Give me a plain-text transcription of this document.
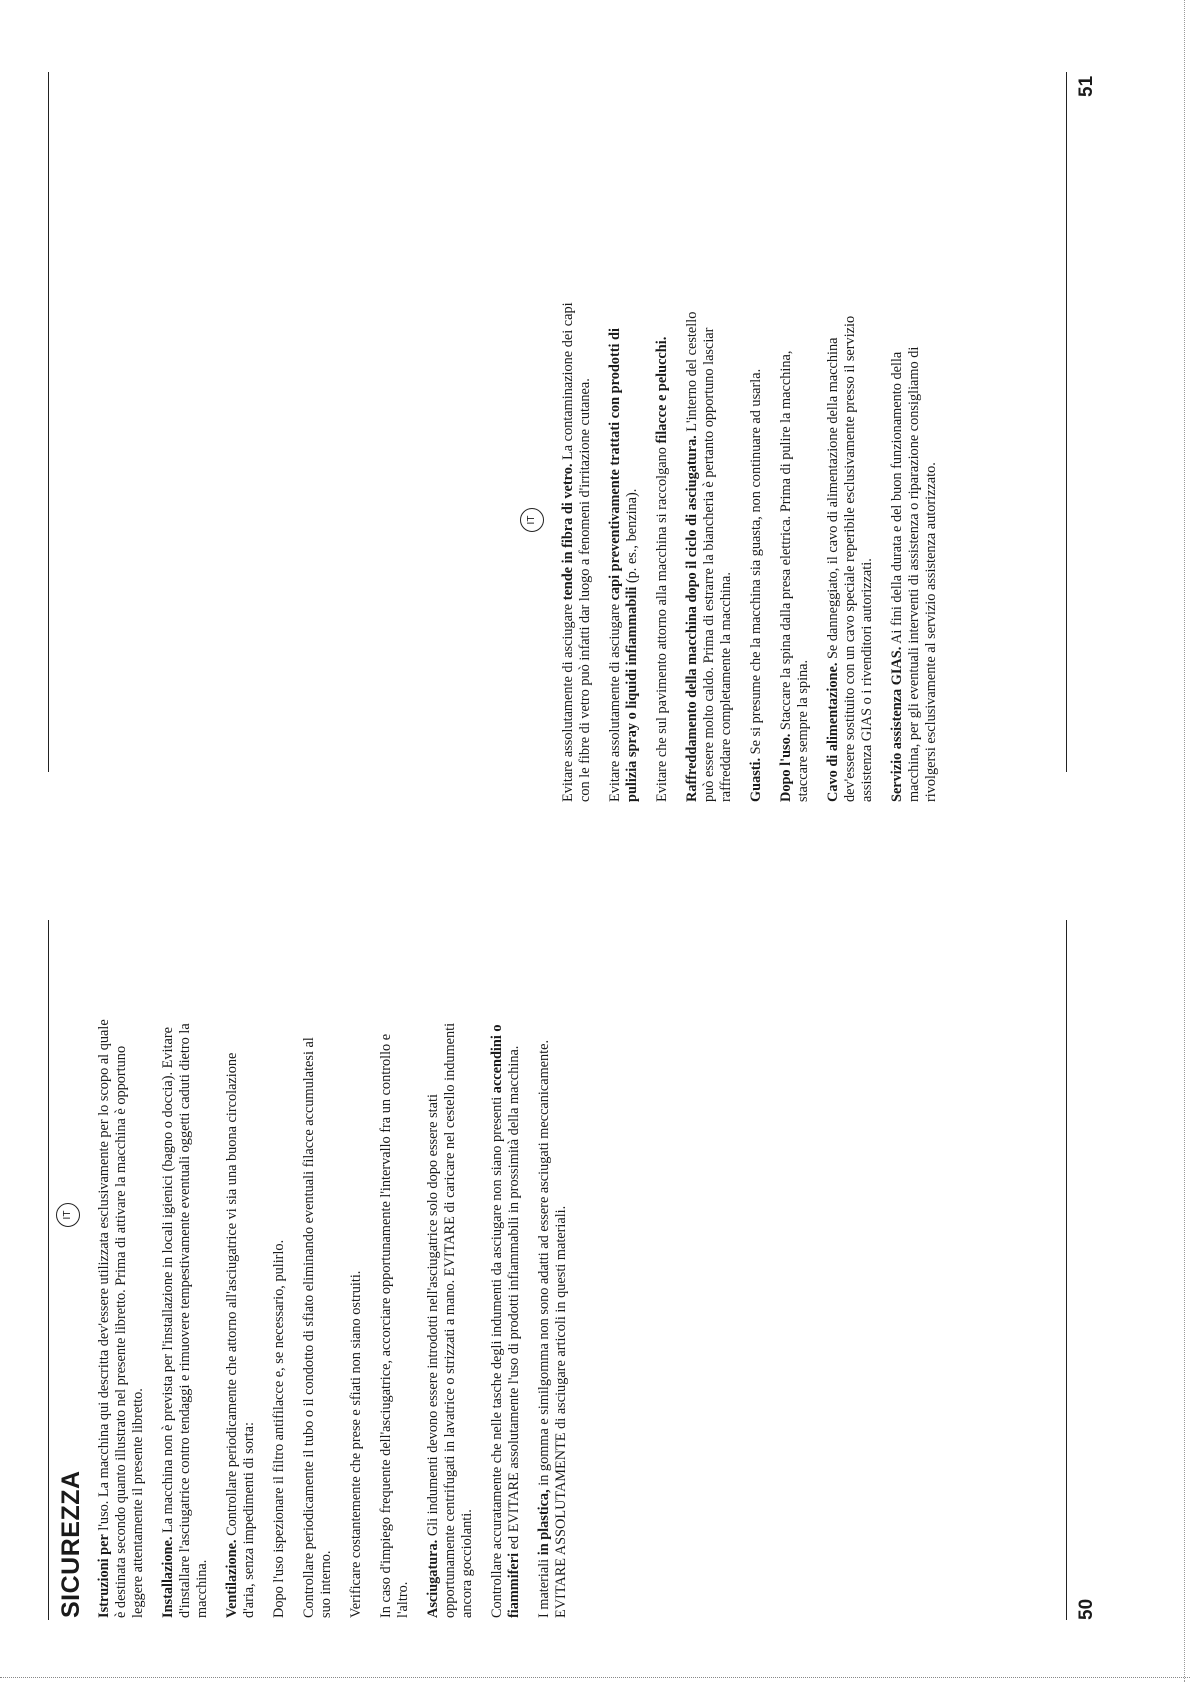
50
IT
SICUREZZA Istruzioni per l'uso. La macchina qui descritta dev'essere utilizzata esclusivamente per lo scopo al quale è destinata secondo quanto illustrato nel presente libretto. Prima di attivare la macchina è opportuno leggere attentamente il presente libretto. Installazione. La macchina non è prevista per l'installazione in locali igienici (bagno o doccia). Evitare d'installare l'asciugatrice contro tendaggi e rimuovere tempestivamente eventuali oggetti caduti dietro la macchina. Ventilazione. Controllare periodicamente che attorno all'asciugatrice vi sia una buona circolazione d'aria, senza impedimenti di sorta: Dopo l'uso ispezionare il filtro antifilacce e, se necessario, pulirlo. Controllare periodicamente il tubo o il condotto di sfiato eliminando eventuali filacce accumulatesi al suo interno. Verificare costantemente che prese e sfiati non siano ostruiti. In caso d'impiego frequente dell'asciugatrice, accorciare opportunamente l'intervallo fra un controllo e l'altro. Asciugatura. Gli indumenti devono essere introdotti nell'asciugatrice solo dopo essere stati opportunamente centrifugati in lavatrice o strizzati a mano. EVITARE di caricare nel cestello indumenti ancora gocciolanti. Controllare accuratamente che nelle tasche degli indumenti da asciugare non siano presenti accendini o fiammiferi ed EVITARE assolutamente l'uso di prodotti infiammabili in prossimità della macchina.

I materiali in plastica, in gomma e similgomma non sono adatti ad essere asciugati meccanicamente. EVITARE ASSOLUTAMENTE di asciugare articoli in questi materiali.

51
IT

Evitare assolutamente di asciugare tende in fibra di vetro. La contaminazione dei capi con le fibre di vetro può infatti dar luogo a fenomeni d'irritazione cutanea. Evitare assolutamente di asciugare capi preventivamente trattati con prodotti di pulizia spray o liquidi infiammabili (p. es., benzina). Evitare che sul pavimento attorno alla macchina si raccolgano filacce e pelucchi.

Raffreddamento della macchina dopo il ciclo di asciugatura. L'interno del cestello può essere molto caldo. Prima di estrarre la biancheria è pertanto opportuno lasciar raffreddare completamente la macchina. Guasti. Se si presume che la macchina sia guasta, non continuare ad usarla.

Dopo l'uso. Staccare la spina dalla presa elettrica. Prima di pulire la macchina, staccare sempre la spina. Cavo di alimentazione. Se danneggiato, il cavo di alimentazione della macchina dev'essere sostituito con un cavo speciale reperibile esclusivamente presso il servizio assistenza GIAS o i rivenditori autorizzati. Servizio assistenza GIAS. Ai fini della durata e del buon funzionamento della macchina, per gli eventuali interventi di assistenza o riparazione consigliamo di rivolgersi esclusivamente al servizio assistenza autorizzato.
